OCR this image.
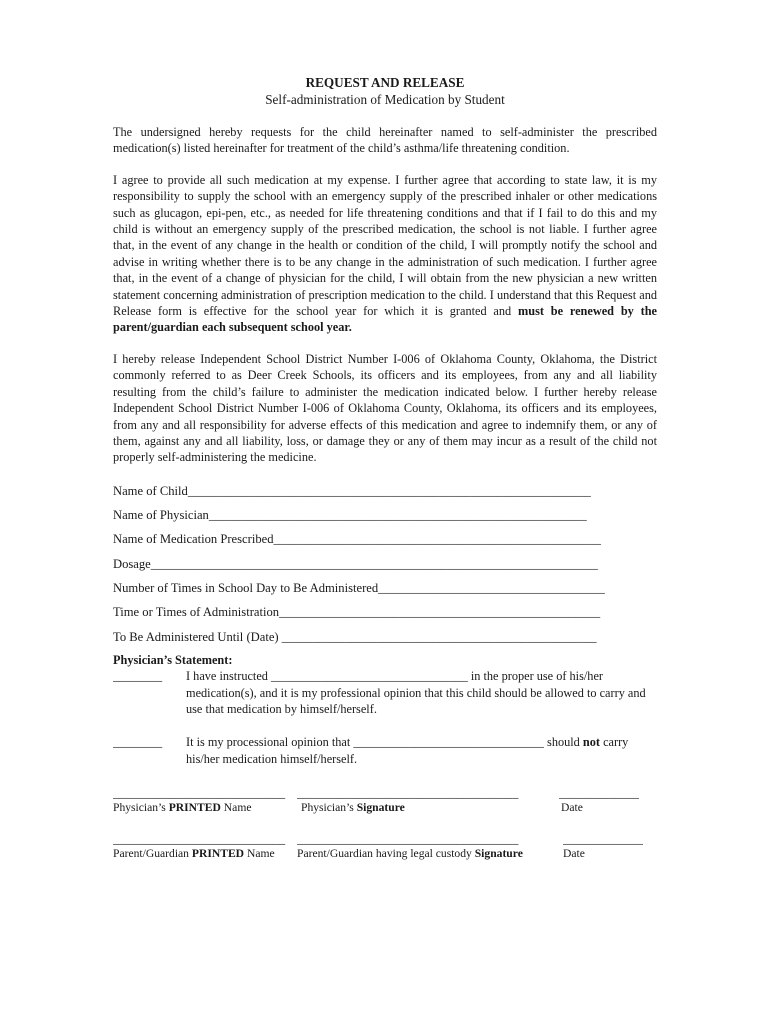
REQUEST AND RELEASE
Self-administration of Medication by Student

The undersigned hereby requests for the child hereinafter named to self-administer the prescribed medication(s) listed hereinafter for treatment of the child’s asthma/life threatening condition.

I agree to provide all such medication at my expense. I further agree that according to state law, it is my responsibility to supply the school with an emergency supply of the prescribed inhaler or other medications such as glucagon, epi-pen, etc., as needed for life threatening conditions and that if I fail to do this and my child is without an emergency supply of the prescribed medication, the school is not liable. I further agree that, in the event of any change in the health or condition of the child, I will promptly notify the school and advise in writing whether there is to be any change in the administration of such medication. I further agree that, in the event of a change of physician for the child, I will obtain from the new physician a new written statement concerning administration of prescription medication to the child. I understand that this Request and Release form is effective for the school year for which it is granted and must be renewed by the parent/guardian each subsequent school year.

I hereby release Independent School District Number I-006 of Oklahoma County, Oklahoma, the District commonly referred to as Deer Creek Schools, its officers and its employees, from any and all liability resulting from the child’s failure to administer the medication indicated below. I further hereby release Independent School District Number I-006 of Oklahoma County, Oklahoma, its officers and its employees, from any and all responsibility for adverse effects of this medication and agree to indemnify them, or any of them, against any and all liability, loss, or damage they or any of them may incur as a result of the child not properly self-administering the medicine.

Name of Child________________________________________________________________
Name of Physician____________________________________________________________
Name of Medication Prescribed____________________________________________________
Dosage_______________________________________________________________________
Number of Times in School Day to Be Administered____________________________________
Time or Times of Administration___________________________________________________
To Be Administered Until (Date) __________________________________________________
Physician’s Statement:
________	I have instructed ________________________________ in the proper use of his/her medication(s), and it is my professional opinion that this child should be allowed to carry and use that medication by himself/herself.
________	It is my processional opinion that _______________________________ should not carry his/her medication himself/herself.
____________________________ ____________________________________	_____________
Physician’s PRINTED Name	Physician’s Signature	Date
____________________________ ____________________________________	_____________
Parent/Guardian PRINTED Name Parent/Guardian having legal custody Signature	Date
